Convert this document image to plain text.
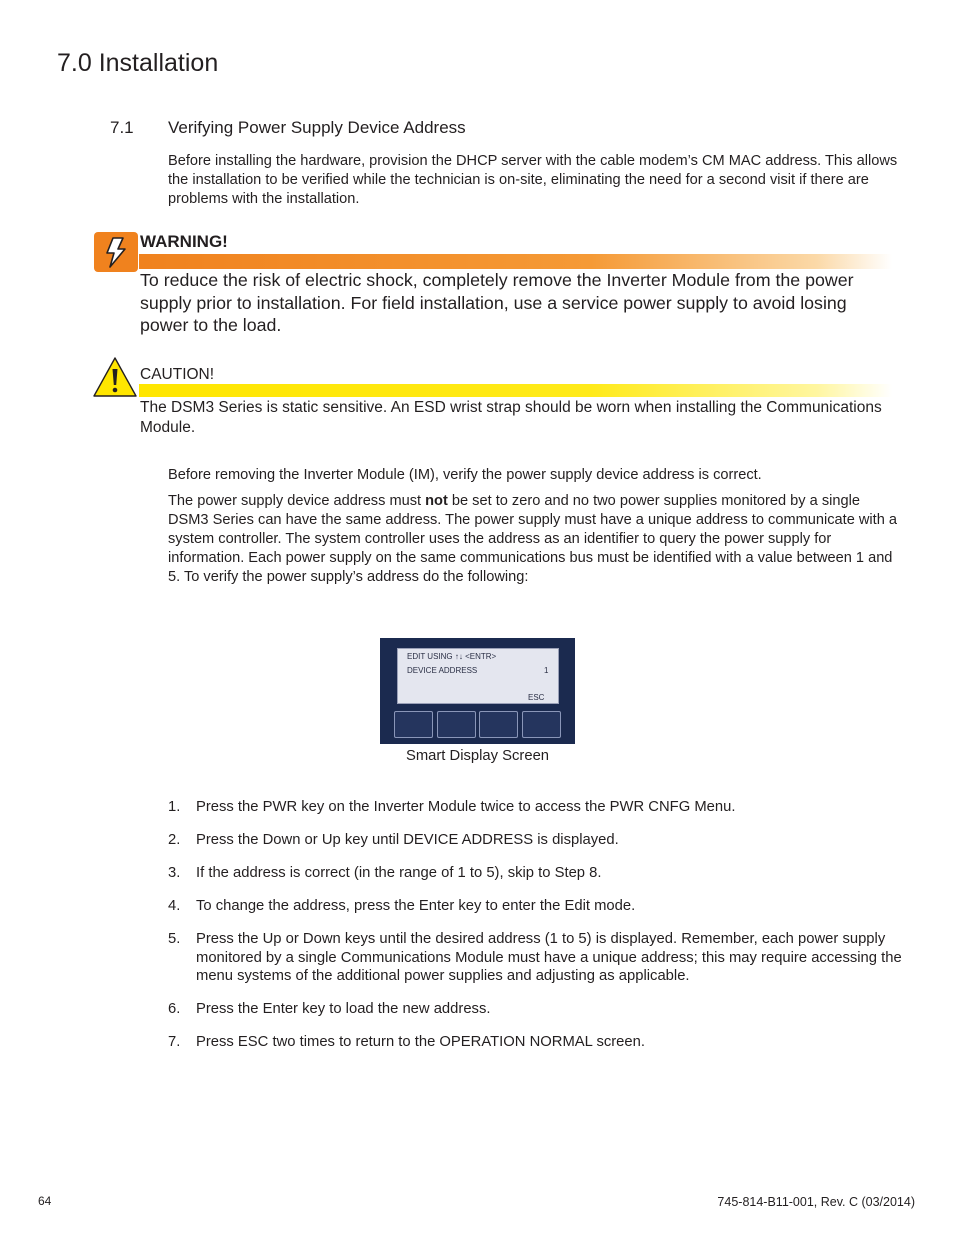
7.0 Installation
7.1 Verifying Power Supply Device Address
Before installing the hardware, provision the DHCP server with the cable modem’s CM MAC address. This allows the installation to be verified while the technician is on-site, eliminating the need for a second visit if there are problems with the installation.
WARNING!
To reduce the risk of electric shock, completely remove the Inverter Module from the power supply prior to installation. For field installation, use a service power supply to avoid losing power to the load.
CAUTION!
The DSM3 Series is static sensitive. An ESD wrist strap should be worn when installing the Communications Module.
Before removing the Inverter Module (IM), verify the power supply device address is correct.
The power supply device address must not be set to zero and no two power supplies monitored by a single DSM3 Series can have the same address. The power supply must have a unique address to communicate with a system controller. The system controller uses the address as an identifier to query the power supply for information. Each power supply on the same communications bus must be identified with a value between 1 and 5. To verify the power supply’s address do the following:
EDIT USING ↑↓ <ENTR>
DEVICE ADDRESS	1
ESC
Smart Display Screen
1. Press the PWR key on the Inverter Module twice to access the PWR CNFG Menu.
2. Press the Down or Up key until DEVICE ADDRESS is displayed.
3. If the address is correct (in the range of 1 to 5), skip to Step 8.
4. To change the address, press the Enter key to enter the Edit mode.
5. Press the Up or Down keys until the desired address (1 to 5) is displayed. Remember, each power supply monitored by a single Communications Module must have a unique address; this may require accessing the menu systems of the additional power supplies and adjusting as applicable.
6. Press the Enter key to load the new address.
7. Press ESC two times to return to the OPERATION NORMAL screen.
64	745-814-B11-001, Rev. C (03/2014)
